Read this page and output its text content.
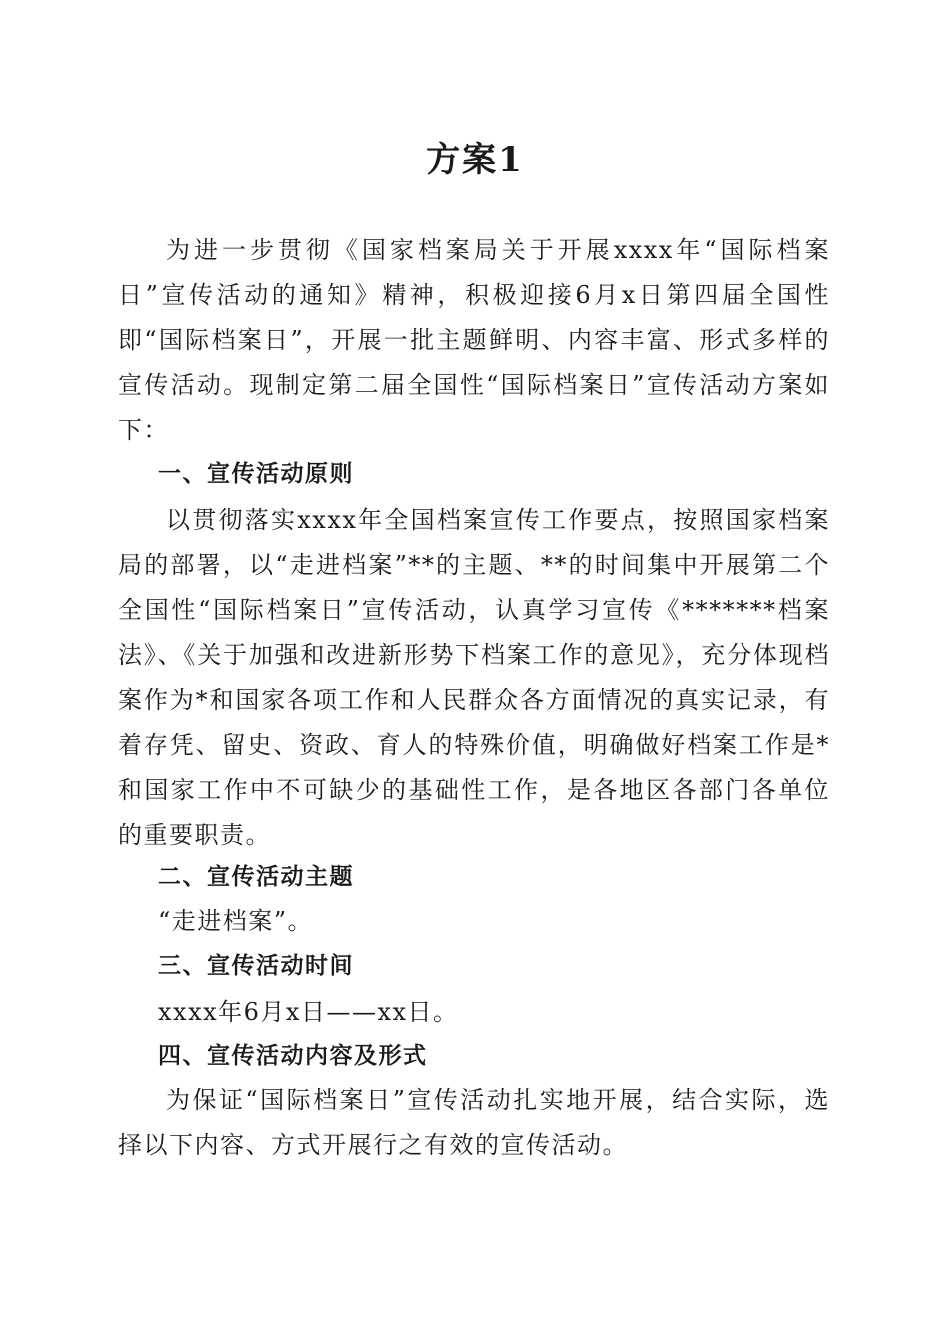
方案1
为进一步贯彻《国家档案局关于开展xxxx年“国际档案日”宣传活动的通知》精神，积极迎接6月x日第四届全国性即“国际档案日”，开展一批主题鲜明、内容丰富、形式多样的宣传活动。现制定第二届全国性“国际档案日”宣传活动方案如下：
一、宣传活动原则
以贯彻落实xxxx年全国档案宣传工作要点，按照国家档案局的部署，以“走进档案”**的主题、**的时间集中开展第二个全国性“国际档案日”宣传活动，认真学习宣传《*******档案法》、《关于加强和改进新形势下档案工作的意见》，充分体现档案作为*和国家各项工作和人民群众各方面情况的真实记录，有着存凭、留史、资政、育人的特殊价值，明确做好档案工作是*和国家工作中不可缺少的基础性工作，是各地区各部门各单位的重要职责。
二、宣传活动主题
“走进档案”。
三、宣传活动时间
xxxx年6月x日——xx日。
四、宣传活动内容及形式
为保证“国际档案日”宣传活动扎实地开展，结合实际，选择以下内容、方式开展行之有效的宣传活动。
